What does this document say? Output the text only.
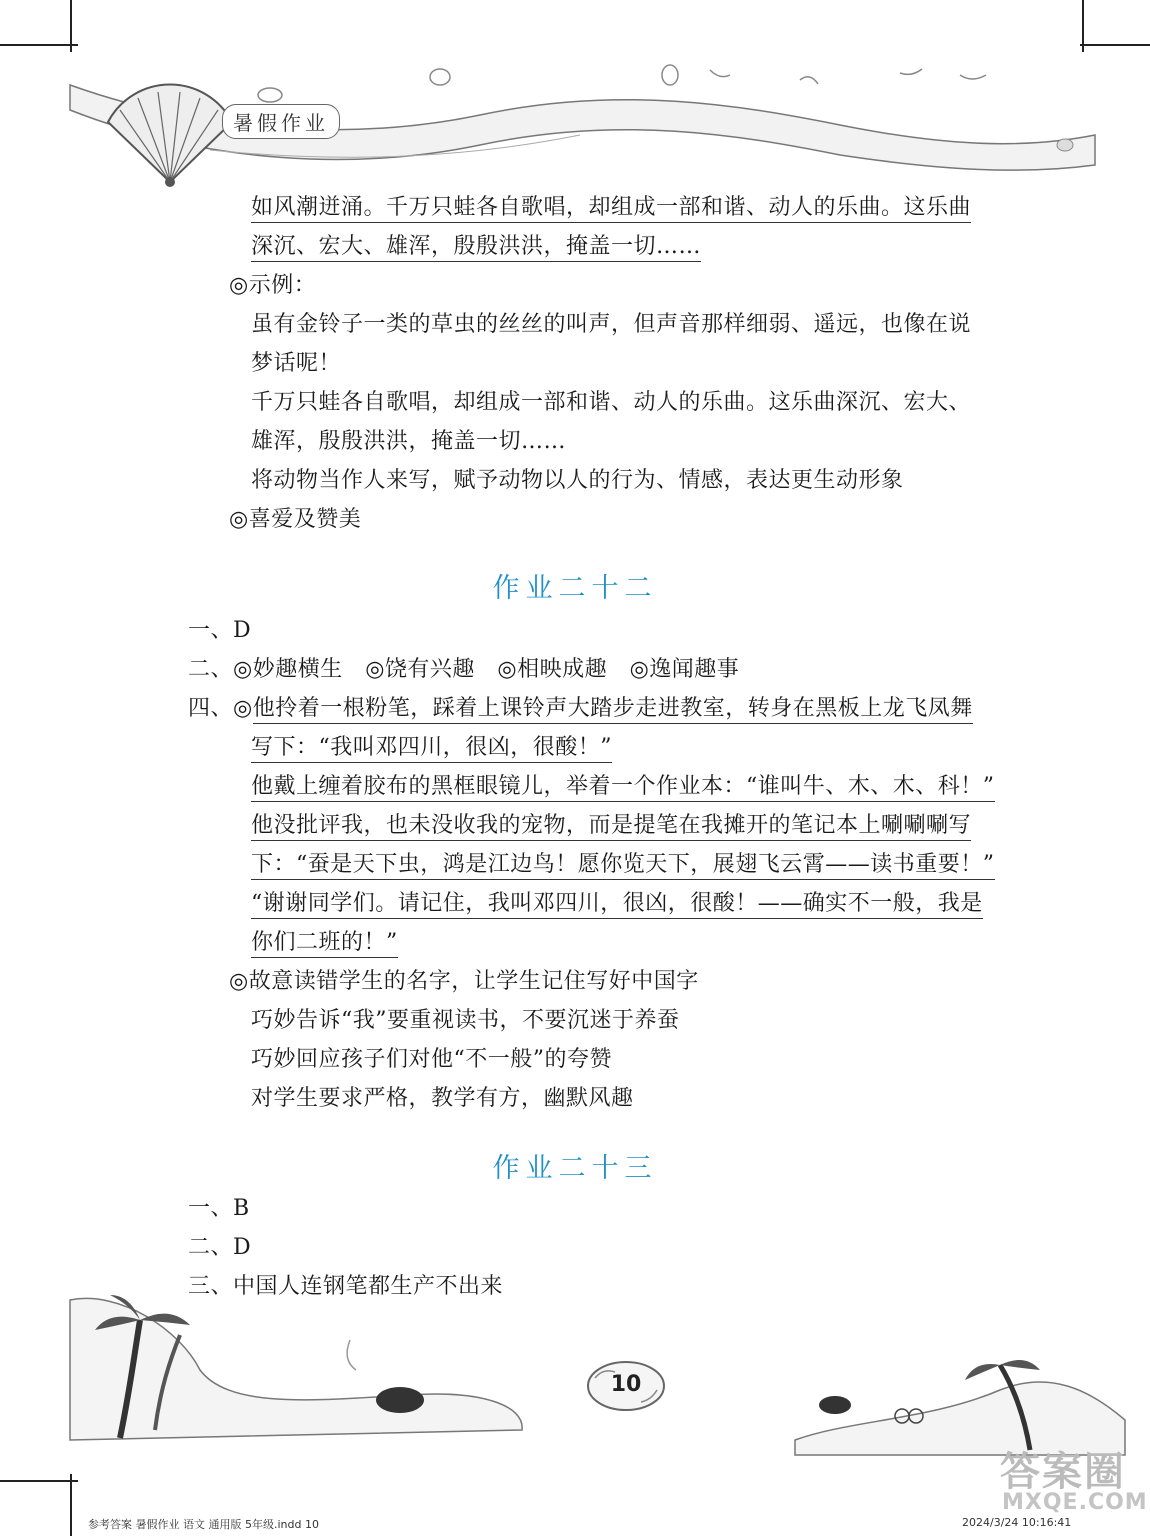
暑假作业
如风潮迸涌。千万只蛙各自歌唱，却组成一部和谐、动人的乐曲。这乐曲
深沉、宏大、雄浑，殷殷洪洪，掩盖一切……
◎示例：
虽有金铃子一类的草虫的丝丝的叫声，但声音那样细弱、遥远，也像在说
梦话呢！
千万只蛙各自歌唱，却组成一部和谐、动人的乐曲。这乐曲深沉、宏大、
雄浑，殷殷洪洪，掩盖一切……
将动物当作人来写，赋予动物以人的行为、情感，表达更生动形象
◎喜爱及赞美
作业二十二
一、D
二、◎妙趣横生　◎饶有兴趣　◎相映成趣　◎逸闻趣事
四、◎他拎着一根粉笔，踩着上课铃声大踏步走进教室，转身在黑板上龙飞凤舞
写下：“我叫邓四川，很凶，很酸！”
他戴上缠着胶布的黑框眼镜儿，举着一个作业本：“谁叫牛、木、木、科！”
他没批评我，也未没收我的宠物，而是提笔在我摊开的笔记本上唰唰唰写
下：“蚕是天下虫，鸿是江边鸟！愿你览天下，展翅飞云霄——读书重要！”
“谢谢同学们。请记住，我叫邓四川，很凶，很酸！——确实不一般，我是
你们二班的！”
◎故意读错学生的名字，让学生记住写好中国字
巧妙告诉“我”要重视读书，不要沉迷于养蚕
巧妙回应孩子们对他“不一般”的夸赞
对学生要求严格，教学有方，幽默风趣
作业二十三
一、B
二、D
三、中国人连钢笔都生产不出来
10
答案圈
MXQE.COM
参考答案 暑假作业 语文 通用版 5年级.indd 10	2024/3/24 10:16:41
